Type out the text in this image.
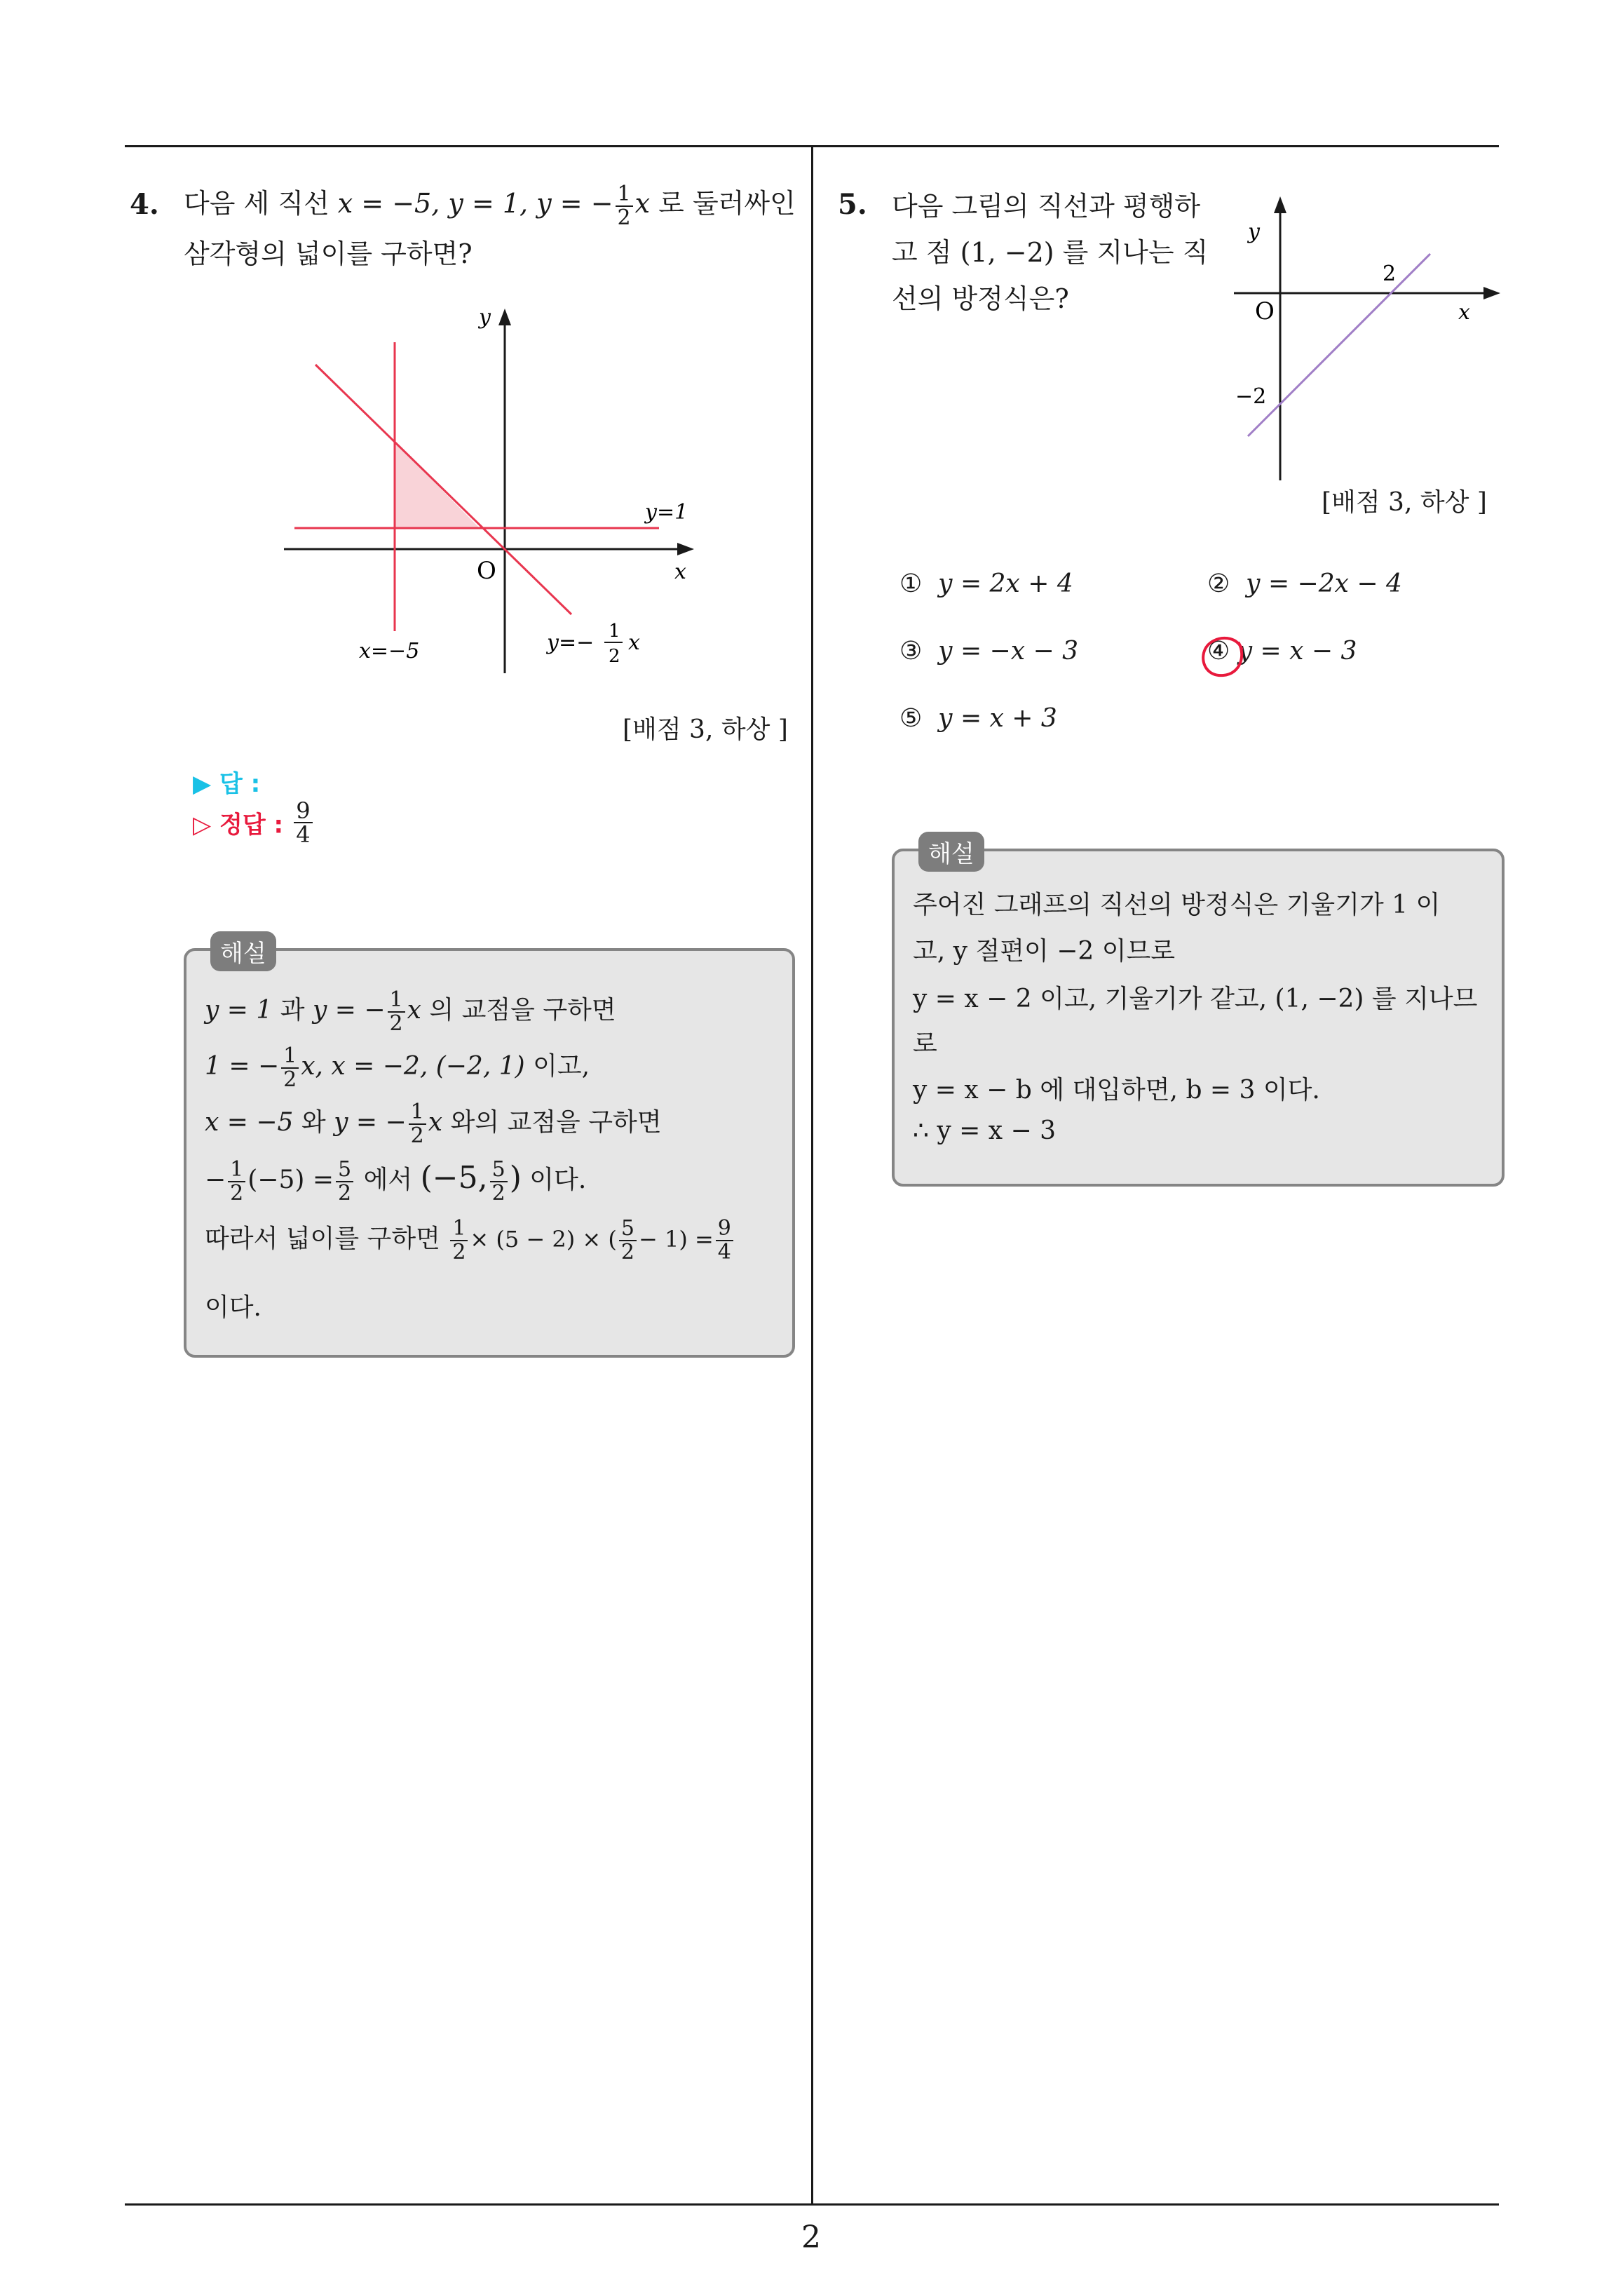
2
4. 다음 세 직선 x = −5, y = 1, y = − $\frac{1}{2}$ x 로 둘러싸인
삼각형의 넓이를 구하면?
y
x
O
y=1
x=−5	y=− 1
2
x
[배점 3, 하상 ]
▶ 답 :
▷ 정답 : $\frac{9}{4}$
해설
y = 1 과 y = − $\frac{1}{2}$ x 의 교점을 구하면
1 = − $\frac{1}{2} x$, x = −2, (−2, 1) 이고,
x = −5 와 y = − $\frac{1}{2}$ x 와의 교점을 구하면
− $\frac{1}{2} (-5) = \frac{5}{2}$ 에서 (−5, $\frac{5}{2}$ ) 이다.
따라서 넓이를 구하면 $\frac{1}{2} \times (5 - 2)$ × ( $\frac{5}{2} - 1) = \frac{9}{4}$
이다.
5. 다음 그림의 직선과 평행하
고 점 (1, −2) 를 지나는 직
선의 방정식은?
y
x
O
2
−2
[배점 3, 하상 ]
① y = 2x + 4	② y = −2x − 4
③ y = −x − 3	④ y = x − 3
⑤ y = x + 3
해설
주어진 그래프의 직선의 방정식은 기울기가 1 이
고, y 절편이 −2 이므로
y = x − 2 이고, 기울기가 같고, (1, −2) 를 지나므
로
y = x − b 에 대입하면, b = 3 이다.
∴ y = x − 3
